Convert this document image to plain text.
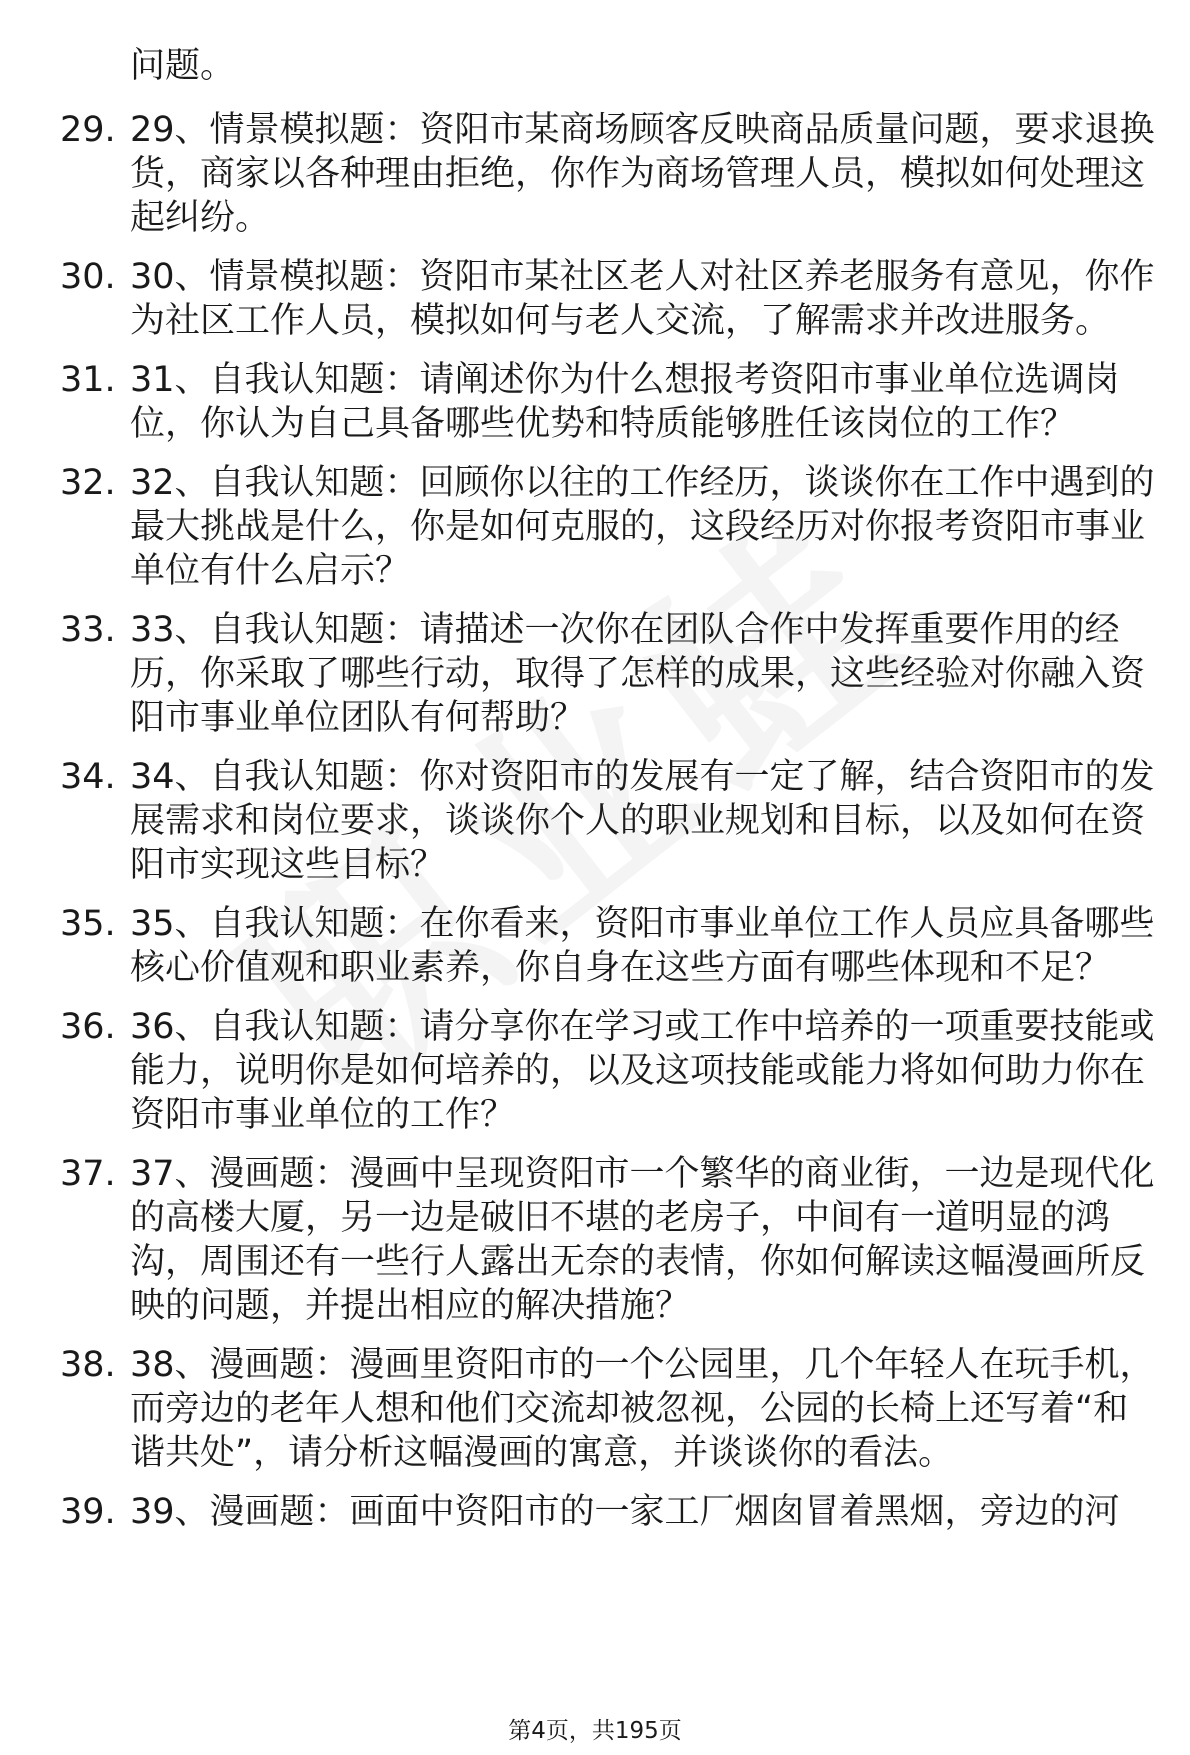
问题。
29. 29、情景模拟题：资阳市某商场顾客反映商品质量问题，要求退换货，商家以各种理由拒绝，你作为商场管理人员，模拟如何处理这起纠纷。
30. 30、情景模拟题：资阳市某社区老人对社区养老服务有意见，你作为社区工作人员，模拟如何与老人交流，了解需求并改进服务。
31. 31、自我认知题：请阐述你为什么想报考资阳市事业单位选调岗位，你认为自己具备哪些优势和特质能够胜任该岗位的工作？
32. 32、自我认知题：回顾你以往的工作经历，谈谈你在工作中遇到的最大挑战是什么，你是如何克服的，这段经历对你报考资阳市事业单位有什么启示？
33. 33、自我认知题：请描述一次你在团队合作中发挥重要作用的经历，你采取了哪些行动，取得了怎样的成果，这些经验对你融入资阳市事业单位团队有何帮助？
34. 34、自我认知题：你对资阳市的发展有一定了解，结合资阳市的发展需求和岗位要求，谈谈你个人的职业规划和目标，以及如何在资阳市实现这些目标？
35. 35、自我认知题：在你看来，资阳市事业单位工作人员应具备哪些核心价值观和职业素养，你自身在这些方面有哪些体现和不足？
36. 36、自我认知题：请分享你在学习或工作中培养的一项重要技能或能力，说明你是如何培养的，以及这项技能或能力将如何助力你在资阳市事业单位的工作？
37. 37、漫画题：漫画中呈现资阳市一个繁华的商业街，一边是现代化的高楼大厦，另一边是破旧不堪的老房子，中间有一道明显的鸿沟，周围还有一些行人露出无奈的表情，你如何解读这幅漫画所反映的问题，并提出相应的解决措施？
38. 38、漫画题：漫画里资阳市的一个公园里，几个年轻人在玩手机，而旁边的老年人想和他们交流却被忽视，公园的长椅上还写着“和谐共处”，请分析这幅漫画的寓意，并谈谈你的看法。
39. 39、漫画题：画面中资阳市的一家工厂烟囱冒着黑烟，旁边的河
第4页，共195页
